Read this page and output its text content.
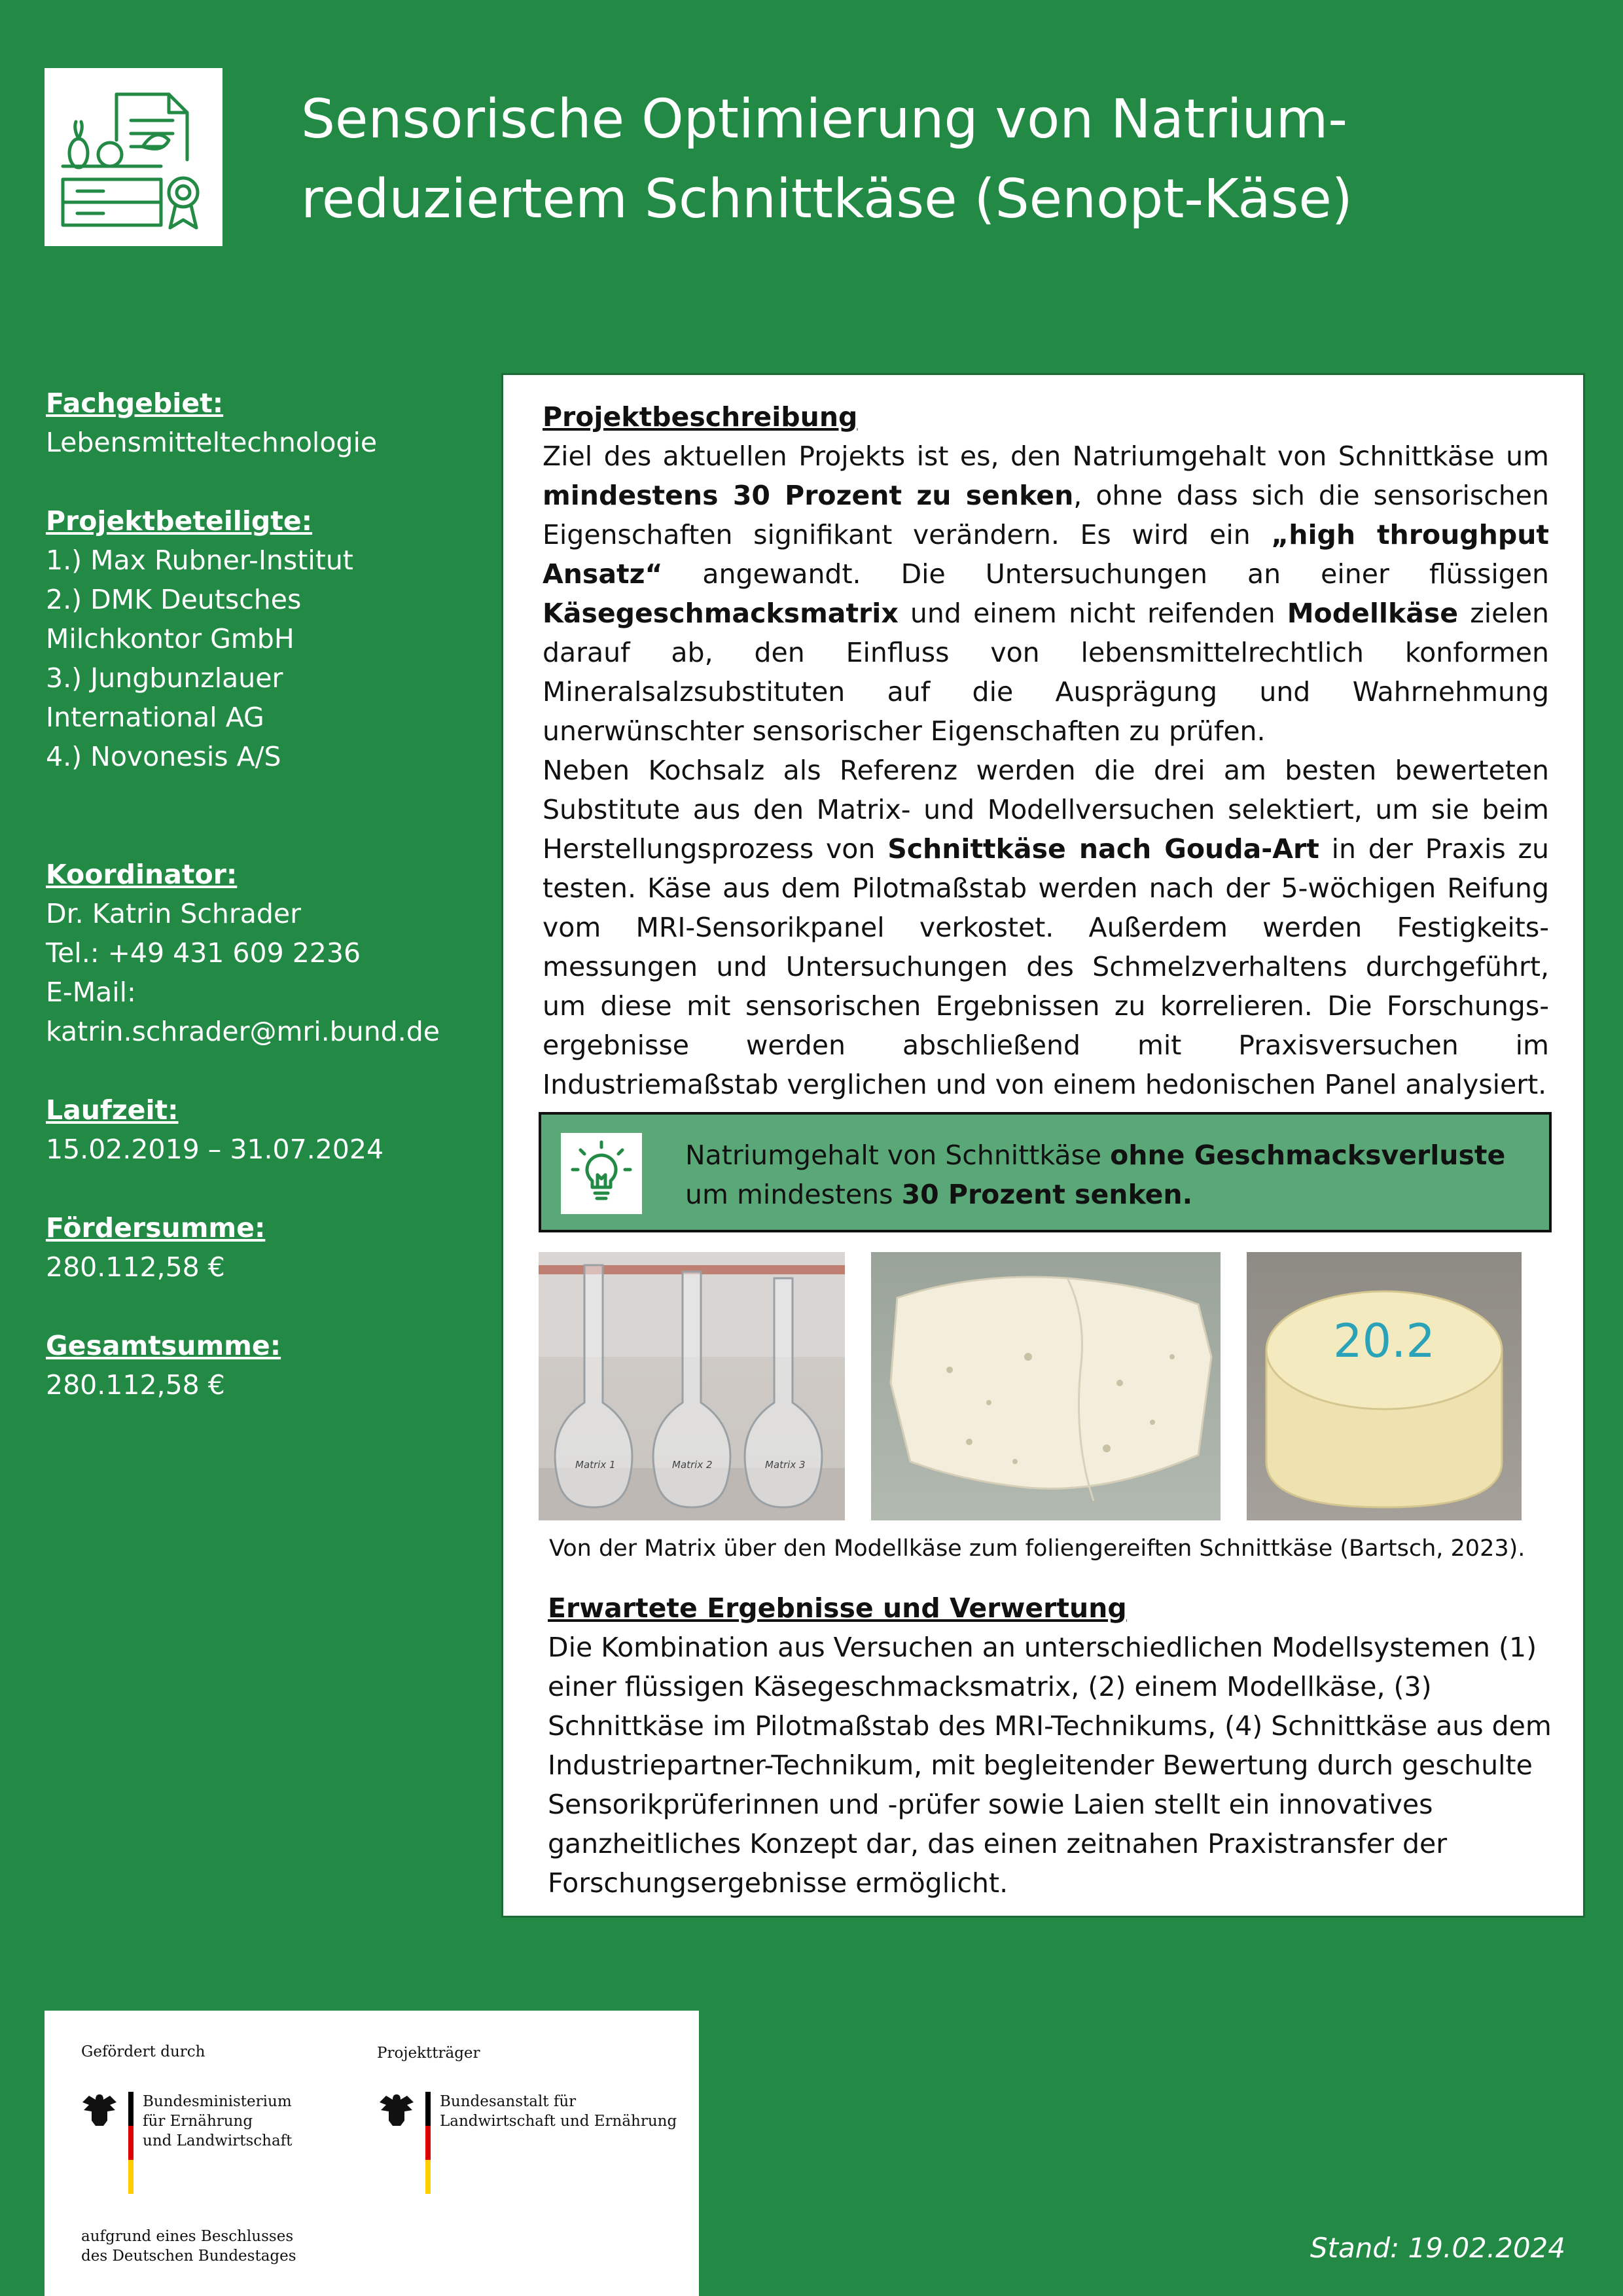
Sensorische Optimierung von Natrium-
reduziertem Schnittkäse (Senopt-Käse)
Fachgebiet:
Lebensmitteltechnologie
Projektbeteiligte:
1.) Max Rubner-Institut
2.) DMK Deutsches
Milchkontor GmbH
3.) Jungbunzlauer
International AG
4.) Novonesis A/S
Koordinator:
Dr. Katrin Schrader
Tel.: +49 431 609 2236
E-Mail:
katrin.schrader@mri.bund.de
Laufzeit:
15.02.2019 – 31.07.2024
Fördersumme:
280.112,58 €
Gesamtsumme:
280.112,58 €
Projektbeschreibung

Ziel des aktuellen Projekts ist es, den Natriumgehalt von Schnittkäse um mindestens 30 Prozent zu senken, ohne dass sich die sensorischen Eigenschaften signifikant verändern. Es wird ein „high throughput Ansatz“ angewandt. Die Untersuchungen an einer flüssigen Käsegeschmacksmatrix und einem nicht reifenden Modellkäse zielen darauf ab, den Einfluss von lebensmittelrechtlich konformen Mineralsalzsubstituten auf die Ausprägung und Wahrnehmung unerwünschter sensorischer Eigenschaften zu prüfen.

Neben Kochsalz als Referenz werden die drei am besten bewerteten Substitute aus den Matrix- und Modellversuchen selektiert, um sie beim Herstellungsprozess von Schnittkäse nach Gouda-Art in der Praxis zu testen. Käse aus dem Pilotmaßstab werden nach der 5-wöchigen Reifung vom MRI-Sensorikpanel verkostet. Außerdem werden Festigkeits-messungen und Untersuchungen des Schmelzverhaltens durchgeführt, um diese mit sensorischen Ergebnissen zu korrelieren. Die Forschungs-ergebnisse werden abschließend mit Praxisversuchen im Industriemaßstab verglichen und von einem hedonischen Panel analysiert.

Natriumgehalt von Schnittkäse ohne Geschmacksverluste um mindestens 30 Prozent senken.
Matrix 1	Matrix 2	Matrix 3
20.2
Von der Matrix über den Modellkäse zum foliengereiften Schnittkäse (Bartsch, 2023).
Erwartete Ergebnisse und Verwertung
Die Kombination aus Versuchen an unterschiedlichen Modellsystemen (1) einer flüssigen Käsegeschmacksmatrix, (2) einem Modellkäse, (3) Schnittkäse im Pilotmaßstab des MRI-Technikums, (4) Schnittkäse aus dem Industriepartner-Technikum, mit begleitender Bewertung durch geschulte Sensorikprüferinnen und -prüfer sowie Laien stellt ein innovatives ganzheitliches Konzept dar, das einen zeitnahen Praxistransfer der Forschungsergebnisse ermöglicht.
Gefördert durch
Bundesministerium
für Ernährung
und Landwirtschaft
Projektträger
Bundesanstalt für
Landwirtschaft und Ernährung
aufgrund eines Beschlusses
des Deutschen Bundestages	Stand: 19.02.2024
